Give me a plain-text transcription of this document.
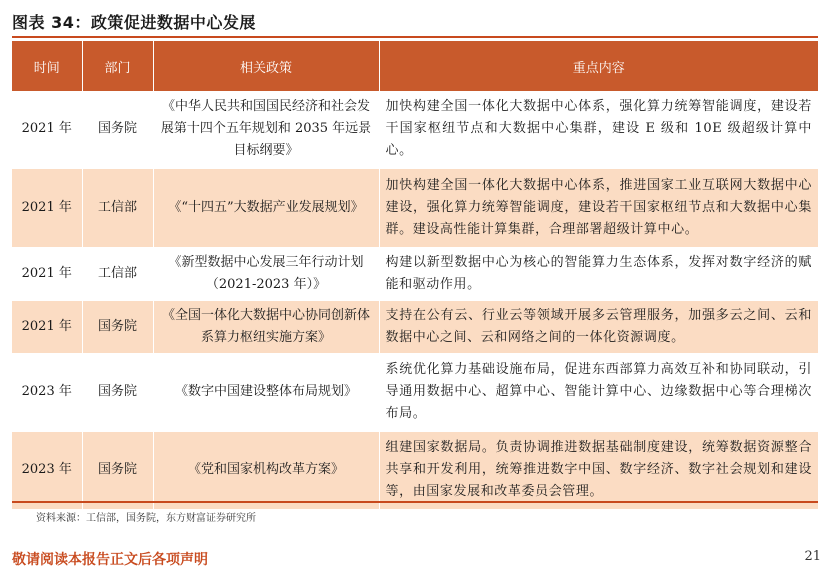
图表 34：政策促进数据中心发展
时间	部门	相关政策	重点内容
2021 年	国务院	《中华人民共和国国民经济和社会发展第十四个五年规划和 2035 年远景目标纲要》	加快构建全国一体化大数据中心体系，强化算力统筹智能调度，建设若干国家枢纽节点和大数据中心集群，建设 E 级和 10E 级超级计算中心。
2021 年	工信部	《“十四五”大数据产业发展规划》	加快构建全国一体化大数据中心体系，推进国家工业互联网大数据中心建设，强化算力统筹智能调度，建设若干国家枢纽节点和大数据中心集群。建设高性能计算集群，合理部署超级计算中心。
2021 年	工信部	《新型数据中心发展三年行动计划（2021-2023 年）》	构建以新型数据中心为核心的智能算力生态体系，发挥对数字经济的赋能和驱动作用。
2021 年	国务院	《全国一体化大数据中心协同创新体系算力枢纽实施方案》	支持在公有云、行业云等领域开展多云管理服务，加强多云之间、云和数据中心之间、云和网络之间的一体化资源调度。
2023 年	国务院	《数字中国建设整体布局规划》	系统优化算力基础设施布局，促进东西部算力高效互补和协同联动，引导通用数据中心、超算中心、智能计算中心、边缘数据中心等合理梯次布局。
2023 年	国务院	《党和国家机构改革方案》	组建国家数据局。负责协调推进数据基础制度建设，统筹数据资源整合共享和开发利用，统筹推进数字中国、数字经济、数字社会规划和建设等，由国家发展和改革委员会管理。
资料来源：工信部，国务院，东方财富证券研究所
敬请阅读本报告正文后各项声明	21
